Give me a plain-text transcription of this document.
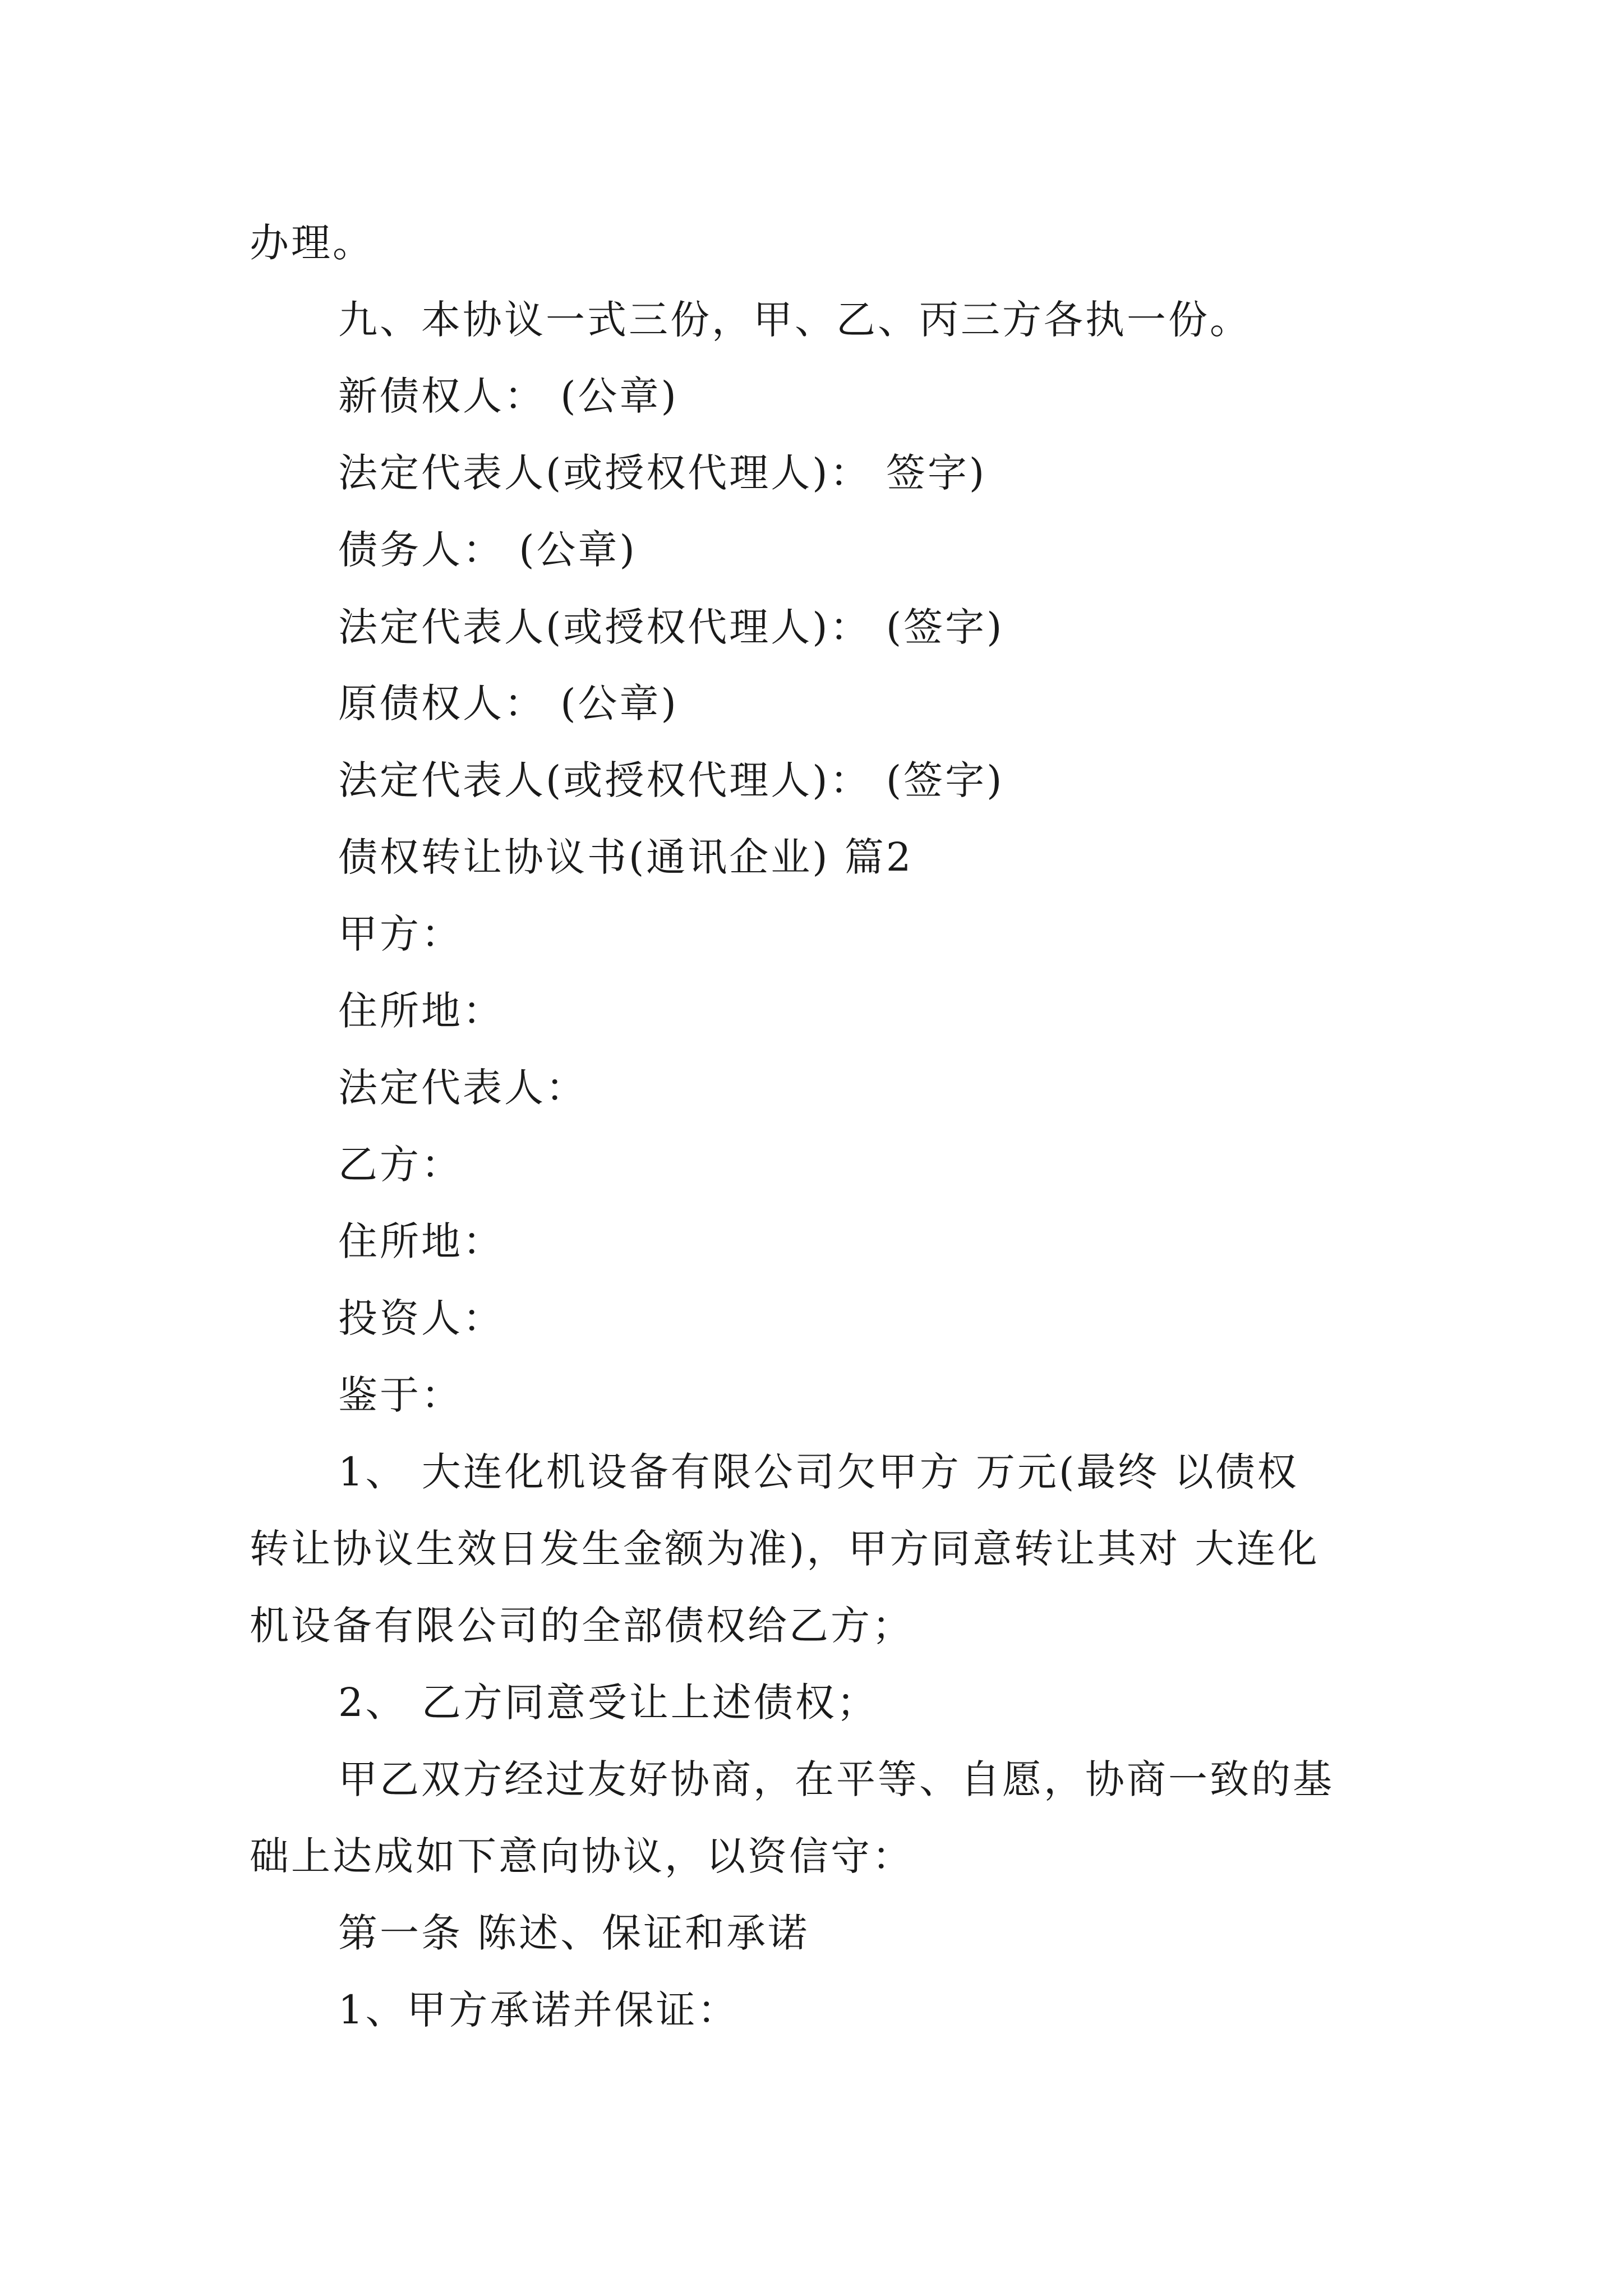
办理。
九、本协议一式三份，甲、乙、丙三方各执一份。
新债权人： (公章)
法定代表人(或授权代理人)： 签字)
债务人： (公章)
法定代表人(或授权代理人)： (签字)
原债权人： (公章)
法定代表人(或授权代理人)： (签字)
债权转让协议书(通讯企业) 篇2
甲方：
住所地：
法定代表人：
乙方：
住所地：
投资人：
鉴于：
1、 大连化机设备有限公司欠甲方 万元(最终 以债权
转让协议生效日发生金额为准)，甲方同意转让其对 大连化
机设备有限公司的全部债权给乙方；
2、 乙方同意受让上述债权；
甲乙双方经过友好协商，在平等、自愿，协商一致的基
础上达成如下意向协议，以资信守：
第一条 陈述、保证和承诺
1、甲方承诺并保证：
